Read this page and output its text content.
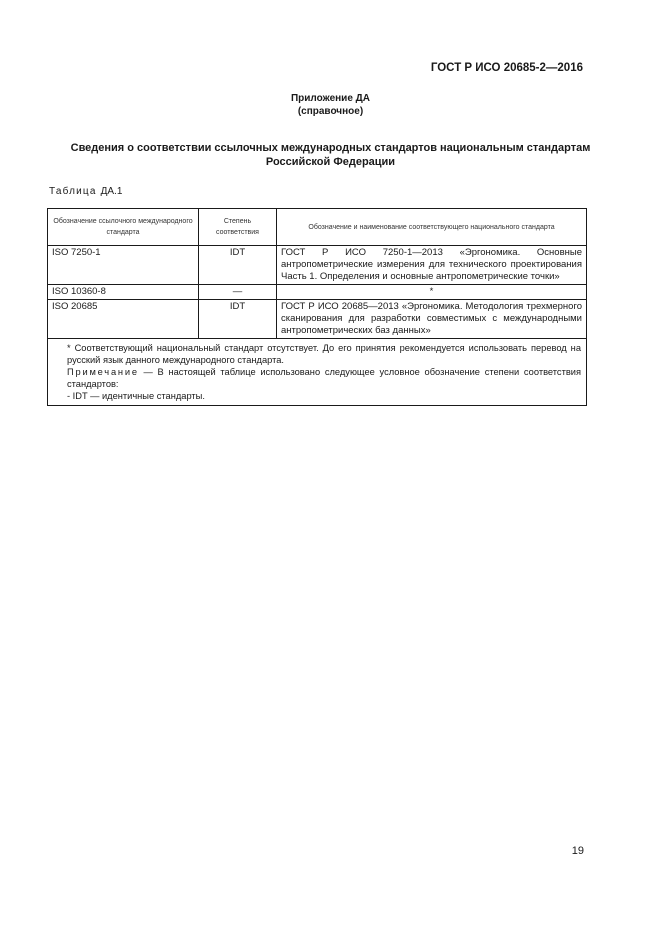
ГОСТ Р ИСО 20685-2—2016
Приложение ДА
(справочное)
Сведения о соответствии ссылочных международных стандартов национальным стандартам Российской Федерации
Таблица ДА.1
Обозначение ссылочного международного стандарта	Степень соответствия	Обозначение и наименование соответствующего национального стандарта
ISO 7250-1	IDT	ГОСТ Р ИСО 7250-1—2013 «Эргономика. Основные антропометрические измерения для технического проектирования Часть 1. Определения и основные антропометрические точки»
ISO 10360-8	—	*
ISO 20685	IDT	ГОСТ Р ИСО 20685—2013 «Эргономика. Методология трехмерного сканирования для разработки совместимых с международными антропометрических баз данных»

* Соответствующий национальный стандарт отсутствует. До его принятия рекомендуется использовать перевод на русский язык данного международного стандарта.

Примечание — В настоящей таблице использовано следующее условное обозначение степени соответствия стандартов:

- IDT — идентичные стандарты.		

19
